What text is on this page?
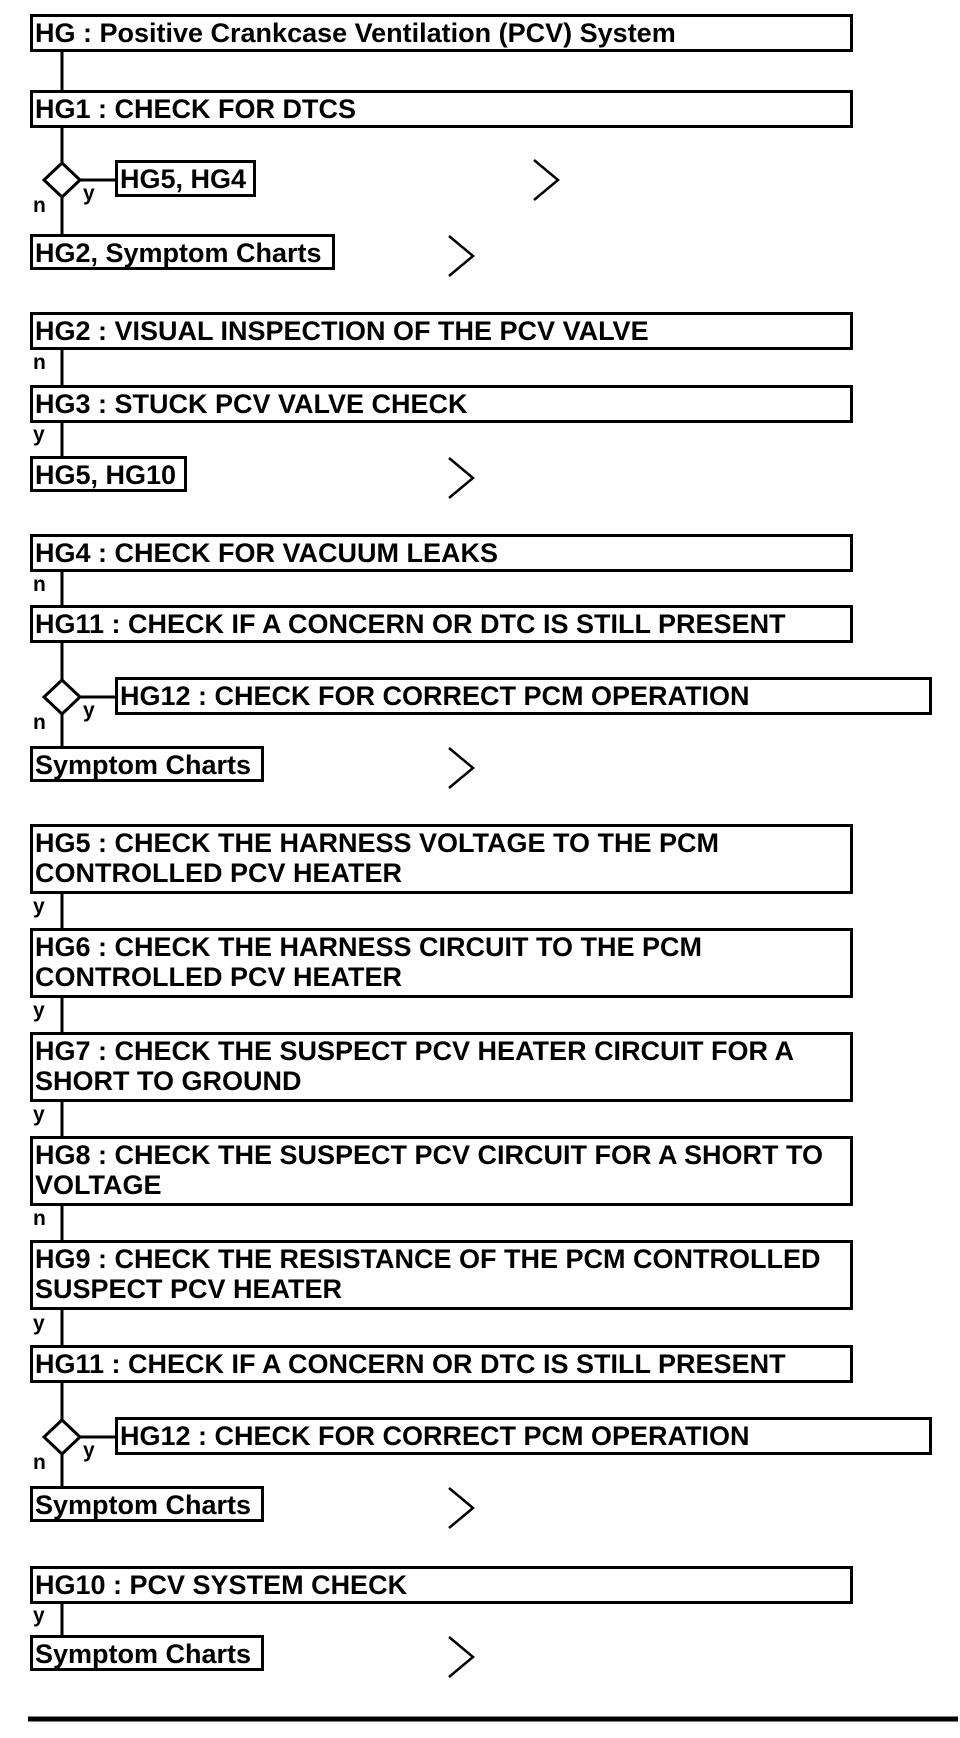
HG : Positive Crankcase Ventilation (PCV) System
HG1 : CHECK FOR DTCS
n
y HG5, HG4
HG2, Symptom Charts
HG2 : VISUAL INSPECTION OF THE PCV VALVE
n
HG3 : STUCK PCV VALVE CHECK
y
HG5, HG10
HG4 : CHECK FOR VACUUM LEAKS
n
HG11 : CHECK IF A CONCERN OR DTC IS STILL PRESENT
n
y HG12 : CHECK FOR CORRECT PCM OPERATION
Symptom Charts
HG5 : CHECK THE HARNESS VOLTAGE TO THE PCM CONTROLLED PCV HEATER
y
HG6 : CHECK THE HARNESS CIRCUIT TO THE PCM CONTROLLED PCV HEATER
y
HG7 : CHECK THE SUSPECT PCV HEATER CIRCUIT FOR A SHORT TO GROUND
y
HG8 : CHECK THE SUSPECT PCV CIRCUIT FOR A SHORT TO VOLTAGE
n
HG9 : CHECK THE RESISTANCE OF THE PCM CONTROLLED SUSPECT PCV HEATER
y
HG11 : CHECK IF A CONCERN OR DTC IS STILL PRESENT
n
y HG12 : CHECK FOR CORRECT PCM OPERATION
Symptom Charts
HG10 : PCV SYSTEM CHECK
y
Symptom Charts
